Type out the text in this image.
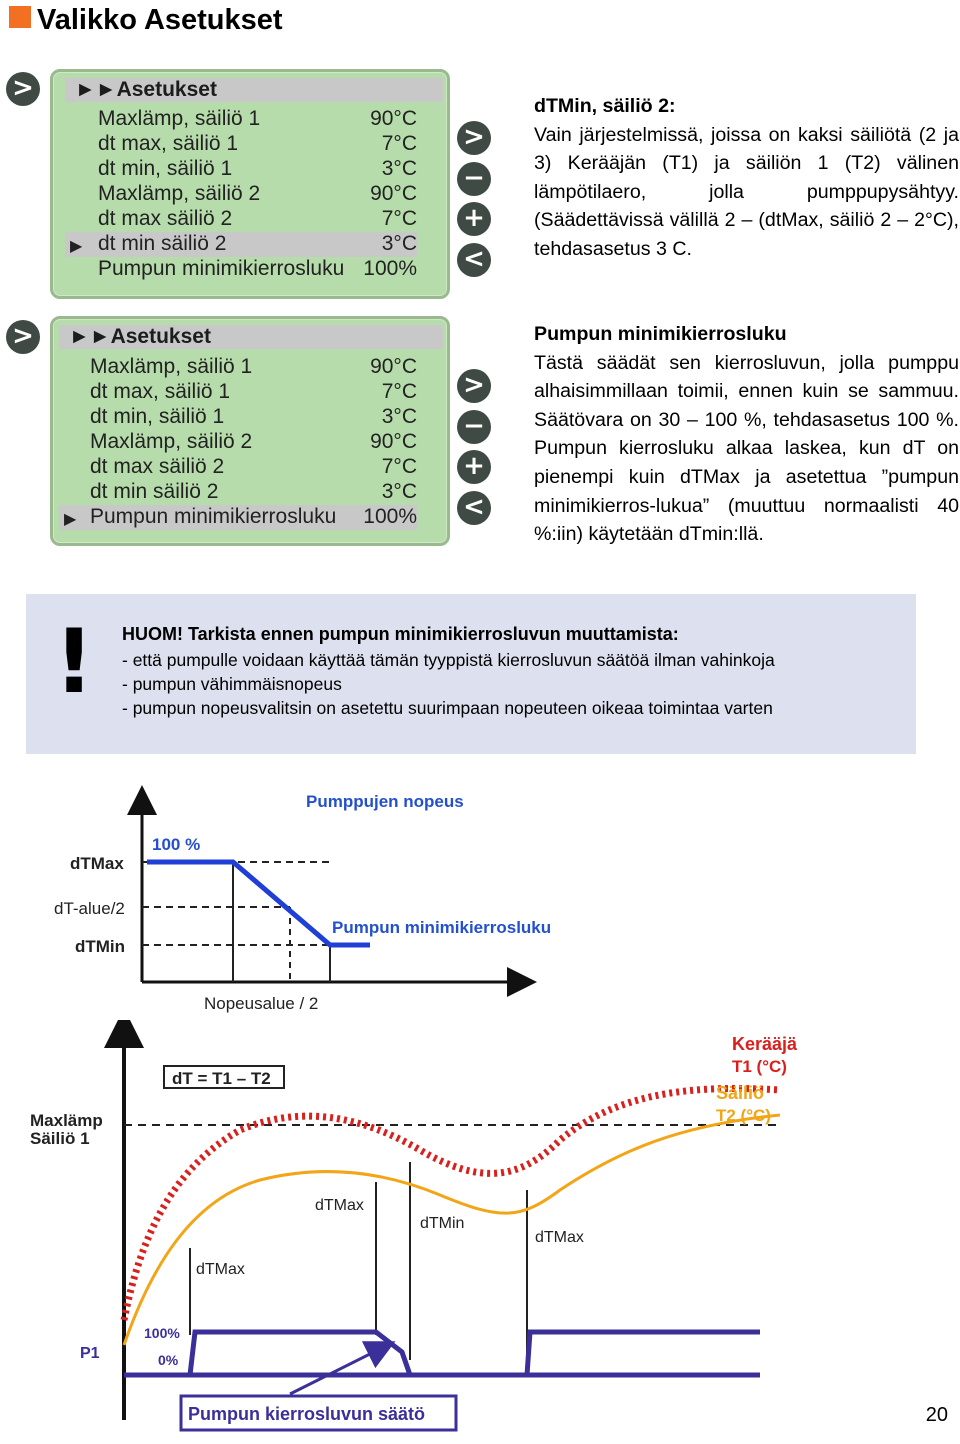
Valikko Asetukset
> ►►Asetukset
Maxlämp, säiliö 1	90°C
dt max, säiliö 1	7°C
dt min, säiliö 1	3°C
Maxlämp, säiliö 2	90°C
dt max säiliö 2	7°C
▶ dt min säiliö 2	3°C
Pumpun minimikierrosluku 100%
>
−
+
<
> ►►Asetukset
Maxlämp, säiliö 1	90°C
dt max, säiliö 1	7°C
dt min, säiliö 1	3°C
Maxlämp, säiliö 2	90°C
dt max säiliö 2	7°C
dt min säiliö 2	3°C
▶ Pumpun minimikierrosluku 100%
>
−
+
<
dTMin, säiliö 2:
Vain järjestelmissä, joissa on kaksi säiliötä (2 ja 3) Kerääjän (T1) ja säiliön 1 (T2) välinen lämpötilaero, jolla pumppupysähtyy. (Säädettävissä välillä 2 – (dtMax, säiliö 2 – 2°C), tehdasasetus 3 C.
Pumpun minimikierrosluku
Tästä säädät sen kierrosluvun, jolla pumppu alhaisimmillaan toimii, ennen kuin se sammuu. Säätövara on 30 – 100 %, tehdasasetus 100 %. Pumpun kierrosluku alkaa laskea, kun dT on pienempi kuin dTMax ja asetettua ”pumpun minimikierros-lukua” (muuttuu normaalisti 40 %:iin) käytetään dTmin:llä.
! HUOM! Tarkista ennen pumpun minimikierrosluvun muuttamista:
- että pumpulle voidaan käyttää tämän tyyppistä kierrosluvun säätöä ilman vahinkoja
- pumpun vähimmäisnopeus
- pumpun nopeusvalitsin on asetettu suurimpaan nopeuteen oikeaa toimintaa varten
Pumppujen nopeus
100 %
dTMax
dT-alue/2
dTMin
Pumpun minimikierrosluku
Nopeusalue / 2
dT = T1 – T2
Maxlämp
Säiliö 1
dTMax
dTMax
dTMin
dTMax
Kerääjä
T1 (°C)
Säiliö
T2 (°C)
P1
100%
0%
Pumpun kierrosluvun säätö	20
